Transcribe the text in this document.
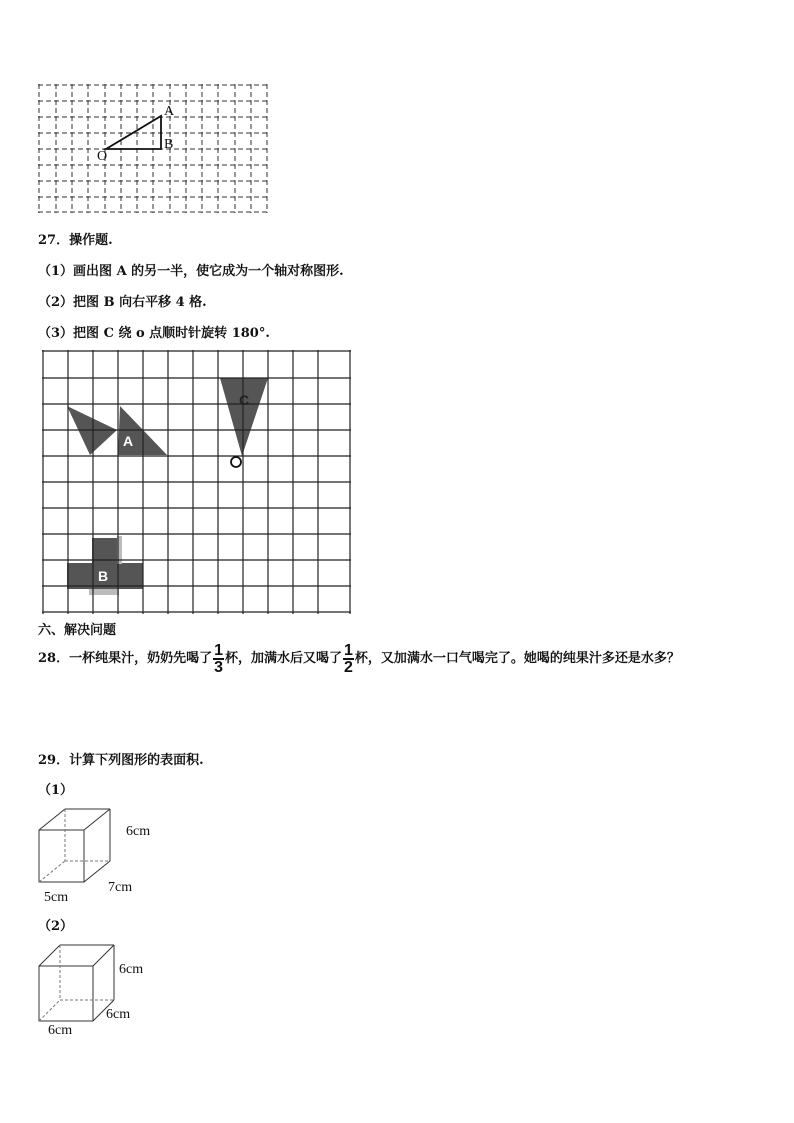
A
B
O
27．操作题.
（1）画出图 A 的另一半，使它成为一个轴对称图形.
（2）把图 B 向右平移 4 格.
（3）把图 C 绕 o 点顺时针旋转 180°.
A
C
B
六、解决问题
28．一杯纯果汁，奶奶先喝了 $\frac{1}{3}$ 杯，加满水后又喝了 $\frac{1}{2}$ 杯，又加满水一口气喝完了。她喝的纯果汁多还是水多？
29．计算下列图形的表面积.
（1）
6cm
7cm
5cm
（2）
6cm
6cm
6cm
